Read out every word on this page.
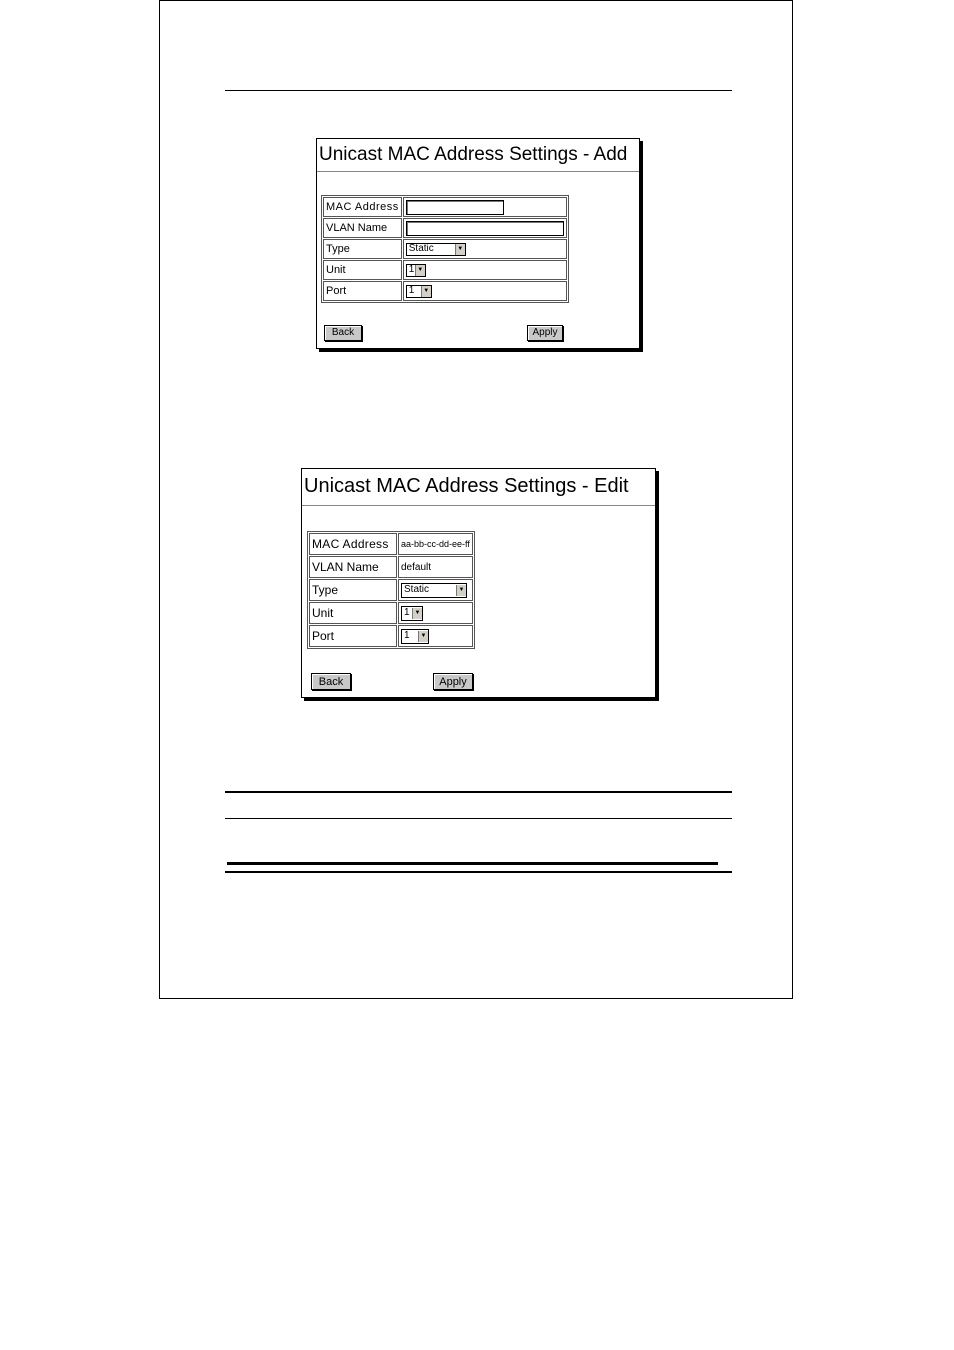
Unicast MAC Address Settings - Add
MAC Address	
VLAN Name	
Type	Static ▼

Unit	1 ▼

Port	1 ▼
Back	Apply
Unicast MAC Address Settings - Edit
MAC Address	aa-bb-cc-dd-ee-ff
VLAN Name	default
Type	Static ▼

Unit	1 ▼

Port	1 ▼
Back	Apply
